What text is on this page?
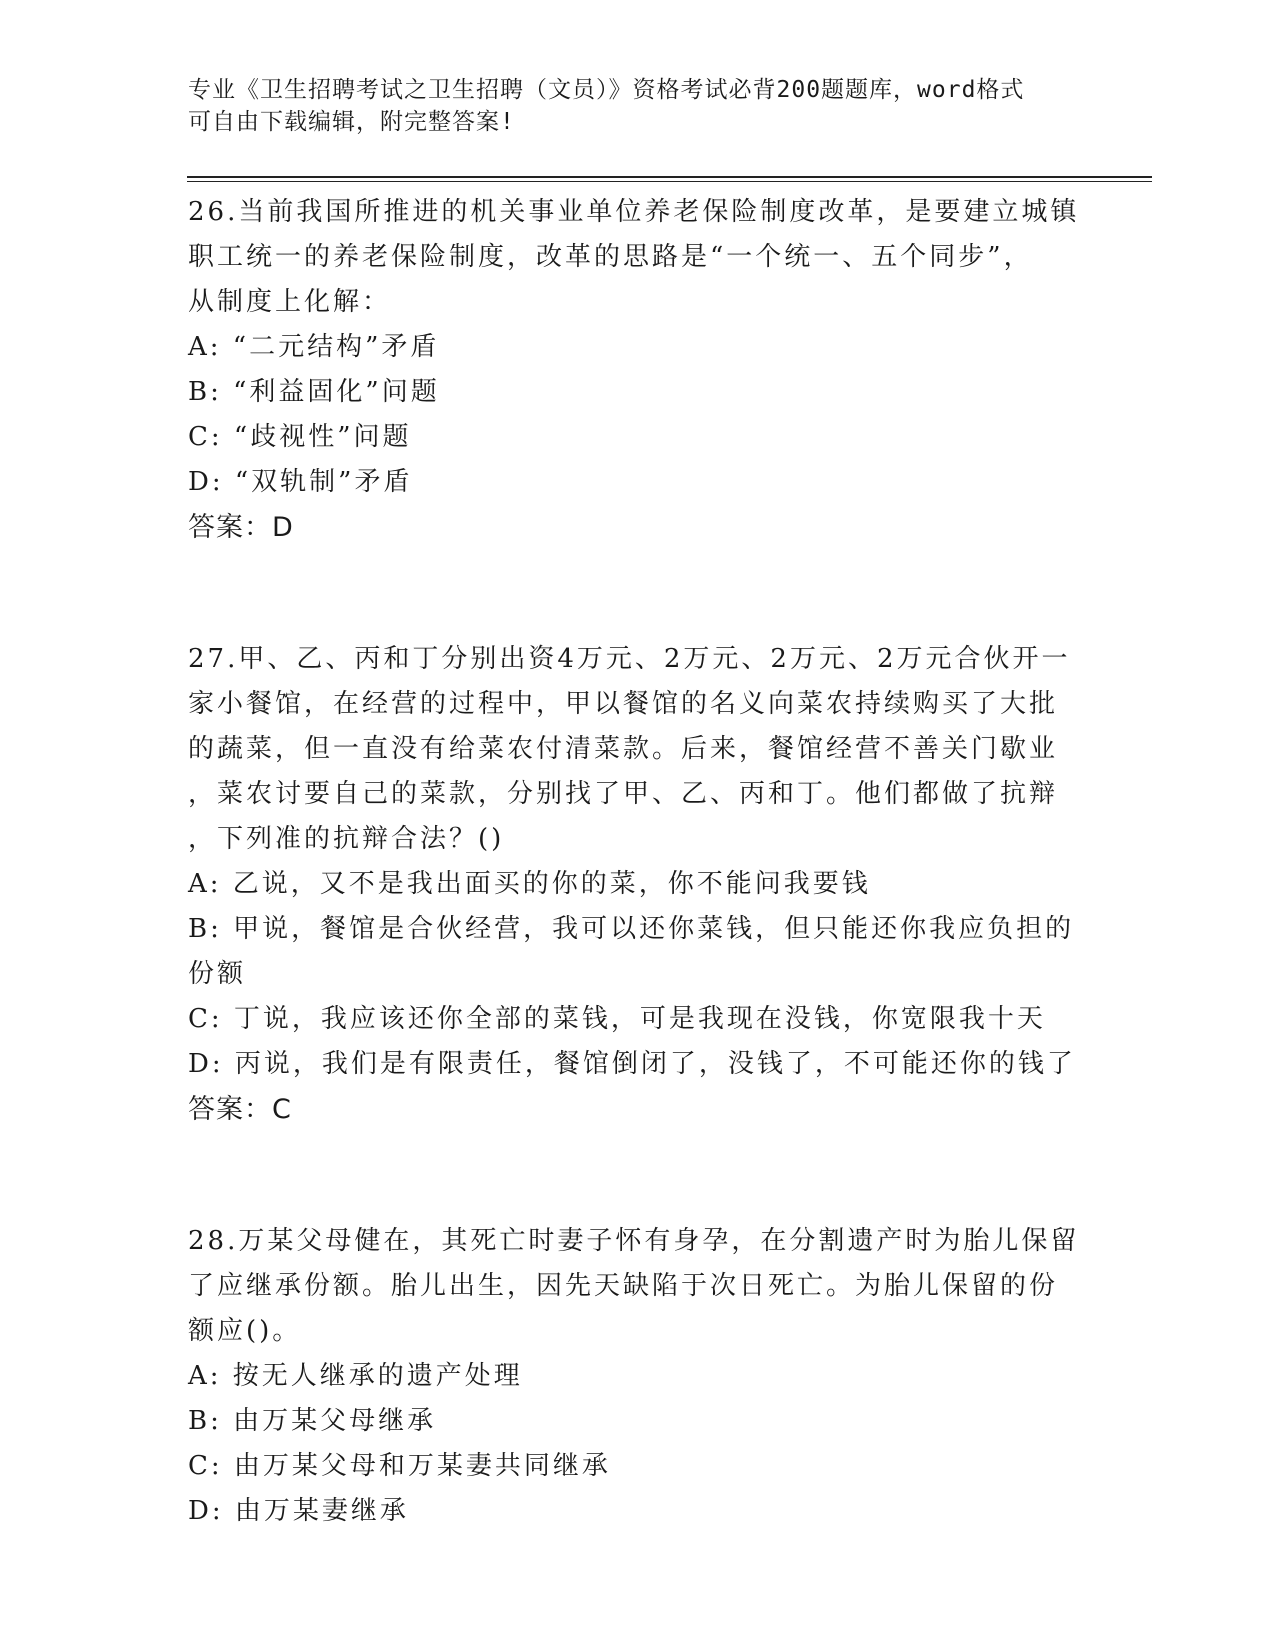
专业《卫生招聘考试之卫生招聘（文员）》资格考试必背200题题库，word格式
可自由下载编辑，附完整答案!
26.当前我国所推进的机关事业单位养老保险制度改革，是要建立城镇
职工统一的养老保险制度，改革的思路是“一个统一、五个同步”，
从制度上化解：
A: “二元结构”矛盾
B: “利益固化”问题
C: “歧视性”问题
D: “双轨制”矛盾
答案：D
27.甲、乙、丙和丁分别出资4万元、2万元、2万元、2万元合伙开一
家小餐馆，在经营的过程中，甲以餐馆的名义向菜农持续购买了大批
的蔬菜，但一直没有给菜农付清菜款。后来，餐馆经营不善关门歇业
，菜农讨要自己的菜款，分别找了甲、乙、丙和丁。他们都做了抗辩
，下列准的抗辩合法？()
A: 乙说，又不是我出面买的你的菜，你不能问我要钱
B: 甲说，餐馆是合伙经营，我可以还你菜钱，但只能还你我应负担的
份额
C: 丁说，我应该还你全部的菜钱，可是我现在没钱，你宽限我十天
D: 丙说，我们是有限责任，餐馆倒闭了，没钱了，不可能还你的钱了
答案：C
28.万某父母健在，其死亡时妻子怀有身孕，在分割遗产时为胎儿保留
了应继承份额。胎儿出生，因先天缺陷于次日死亡。为胎儿保留的份
额应()。
A: 按无人继承的遗产处理
B: 由万某父母继承
C: 由万某父母和万某妻共同继承
D: 由万某妻继承
